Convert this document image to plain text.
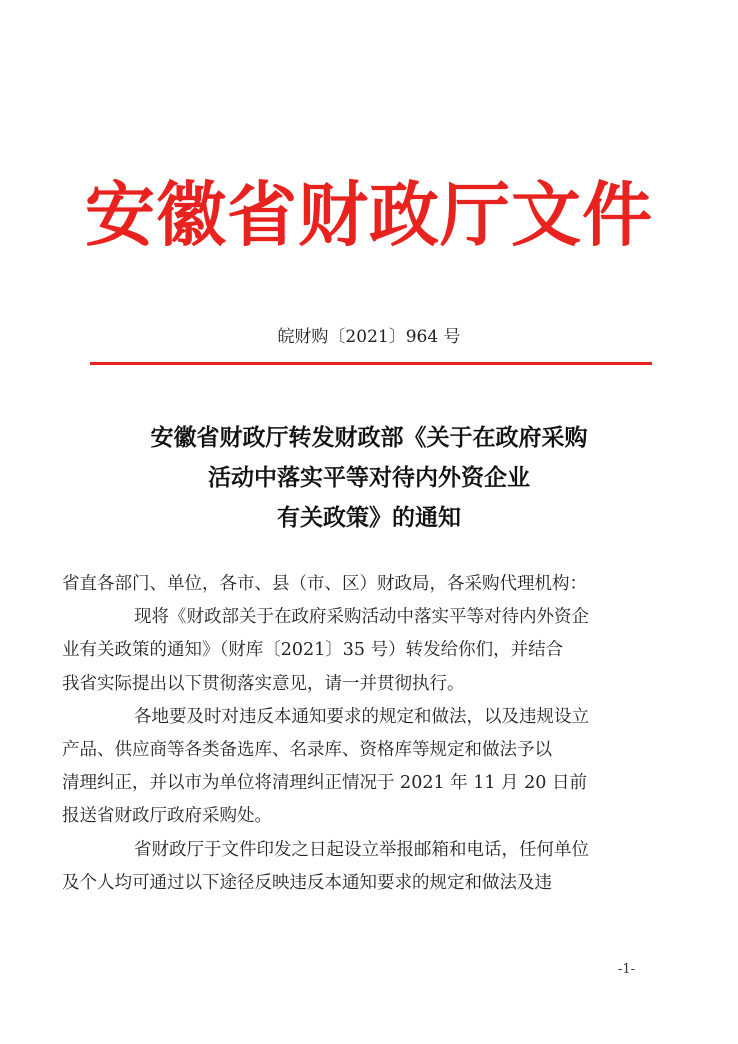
安徽省财政厅文件
皖财购〔2021〕964 号
安徽省财政厅转发财政部《关于在政府采购
活动中落实平等对待内外资企业
有关政策》的通知

省直各部门、单位，各市、县（市、区）财政局，各采购代理机构：

现将《财政部关于在政府采购活动中落实平等对待内外资企

业有关政策的通知》（财库〔2021〕35 号）转发给你们，并结合

我省实际提出以下贯彻落实意见，请一并贯彻执行。

各地要及时对违反本通知要求的规定和做法，以及违规设立

产品、供应商等各类备选库、名录库、资格库等规定和做法予以

清理纠正，并以市为单位将清理纠正情况于 2021 年 11 月 20 日前

报送省财政厅政府采购处。

省财政厅于文件印发之日起设立举报邮箱和电话，任何单位

及个人均可通过以下途径反映违反本通知要求的规定和做法及违

-1-
